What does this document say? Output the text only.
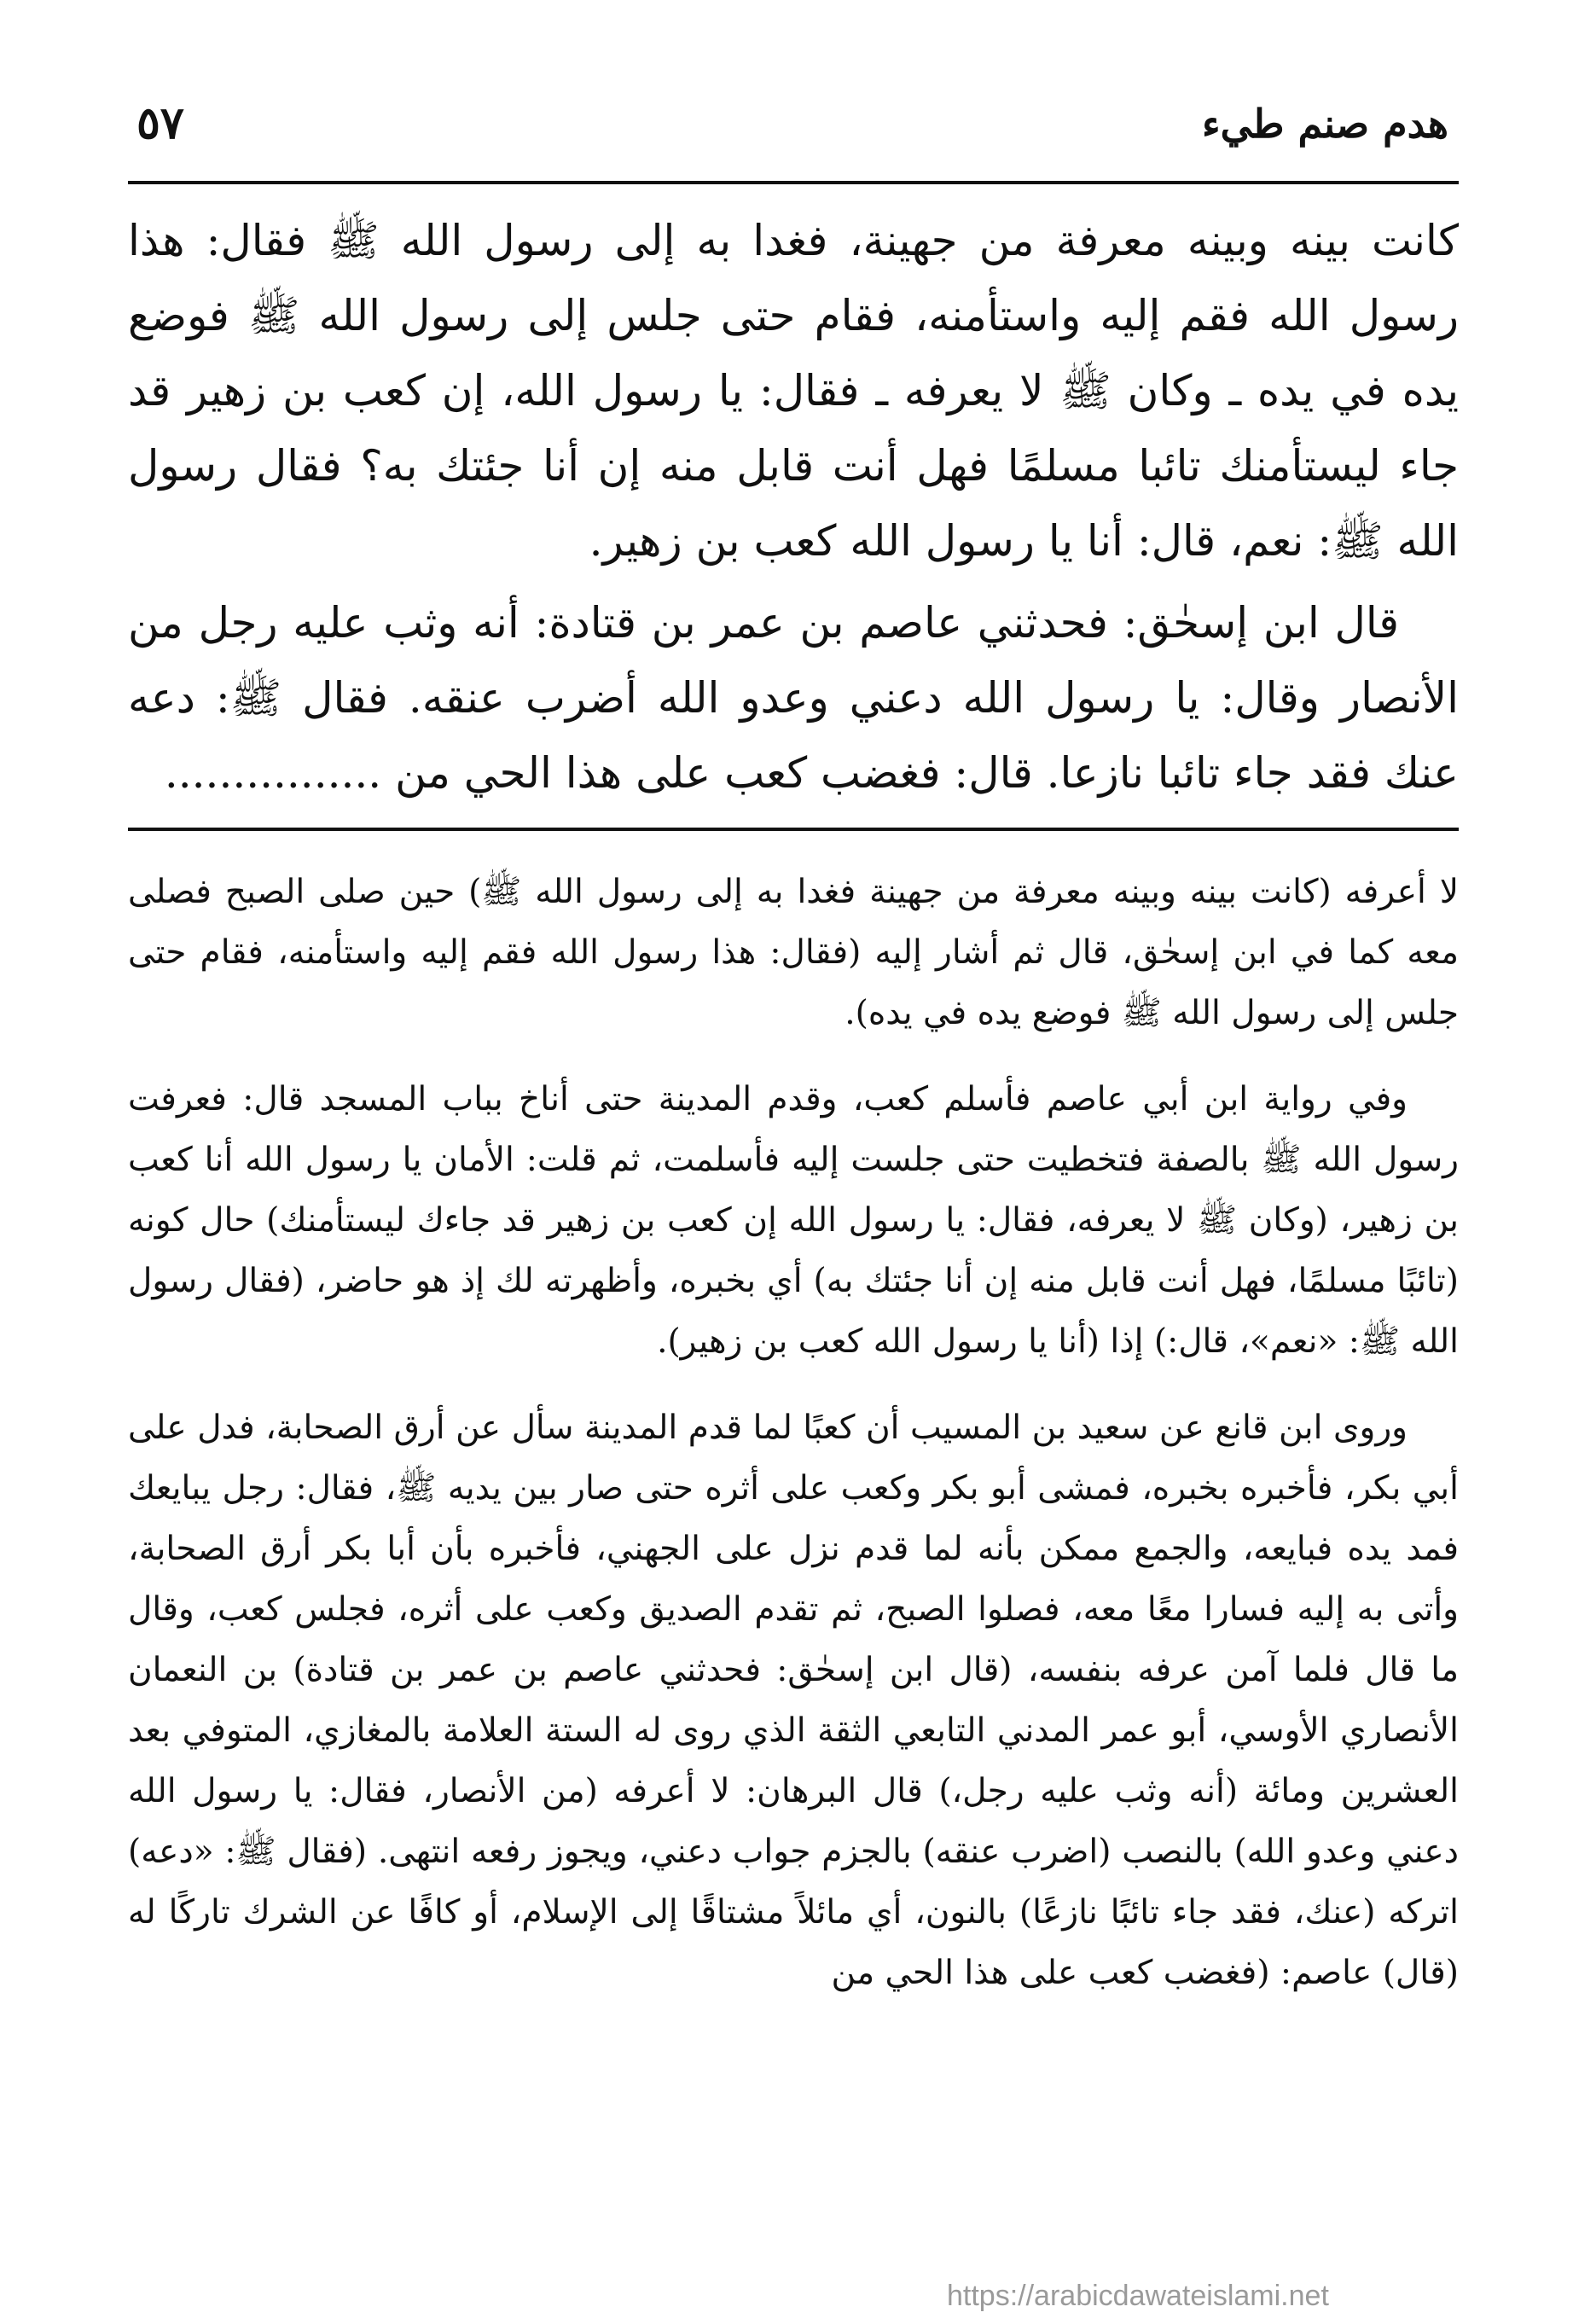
هدم صنم طيء
٥٧

كانت بينه وبينه معرفة من جهينة، فغدا به إلى رسول الله ﷺ فقال: هذا رسول الله فقم إليه واستأمنه، فقام حتى جلس إلى رسول الله ﷺ فوضع يده في يده ـ وكان ﷺ لا يعرفه ـ فقال: يا رسول الله، إن كعب بن زهير قد جاء ليستأمنك تائبا مسلمًا فهل أنت قابل منه إن أنا جئتك به؟ فقال رسول الله ﷺ: نعم، قال: أنا يا رسول الله كعب بن زهير.

قال ابن إسحٰق: فحدثني عاصم بن عمر بن قتادة: أنه وثب عليه رجل من الأنصار وقال: يا رسول الله دعني وعدو الله أضرب عنقه. فقال ﷺ: دعه عنك فقد جاء تائبا نازعا. قال: فغضب كعب على هذا الحي من ................

لا أعرفه (كانت بينه وبينه معرفة من جهينة فغدا به إلى رسول الله ﷺ) حين صلى الصبح فصلى معه كما في ابن إسحٰق، قال ثم أشار إليه (فقال: هذا رسول الله فقم إليه واستأمنه، فقام حتى جلس إلى رسول الله ﷺ فوضع يده في يده).

وفي رواية ابن أبي عاصم فأسلم كعب، وقدم المدينة حتى أناخ بباب المسجد قال: فعرفت رسول الله ﷺ بالصفة فتخطيت حتى جلست إليه فأسلمت، ثم قلت: الأمان يا رسول الله أنا كعب بن زهير، (وكان ﷺ لا يعرفه، فقال: يا رسول الله إن كعب بن زهير قد جاءك ليستأمنك) حال كونه (تائبًا مسلمًا، فهل أنت قابل منه إن أنا جئتك به) أي بخبره، وأظهرته لك إذ هو حاضر، (فقال رسول الله ﷺ: «نعم»، قال:) إذا (أنا يا رسول الله كعب بن زهير).

وروى ابن قانع عن سعيد بن المسيب أن كعبًا لما قدم المدينة سأل عن أرق الصحابة، فدل على أبي بكر، فأخبره بخبره، فمشى أبو بكر وكعب على أثره حتى صار بين يديه ﷺ، فقال: رجل يبايعك فمد يده فبايعه، والجمع ممكن بأنه لما قدم نزل على الجهني، فأخبره بأن أبا بكر أرق الصحابة، وأتى به إليه فسارا معًا معه، فصلوا الصبح، ثم تقدم الصديق وكعب على أثره، فجلس كعب، وقال ما قال فلما آمن عرفه بنفسه، (قال ابن إسحٰق: فحدثني عاصم بن عمر بن قتادة) بن النعمان الأنصاري الأوسي، أبو عمر المدني التابعي الثقة الذي روى له الستة العلامة بالمغازي، المتوفي بعد العشرين ومائة (أنه وثب عليه رجل،) قال البرهان: لا أعرفه (من الأنصار، فقال: يا رسول الله دعني وعدو الله) بالنصب (اضرب عنقه) بالجزم جواب دعني، ويجوز رفعه انتهى. (فقال ﷺ: «دعه) اتركه (عنك، فقد جاء تائبًا نازعًا) بالنون، أي مائلاً مشتاقًا إلى الإسلام، أو كافًا عن الشرك تاركًا له (قال) عاصم: (فغضب كعب على هذا الحي من

https://arabicdawateislami.net
